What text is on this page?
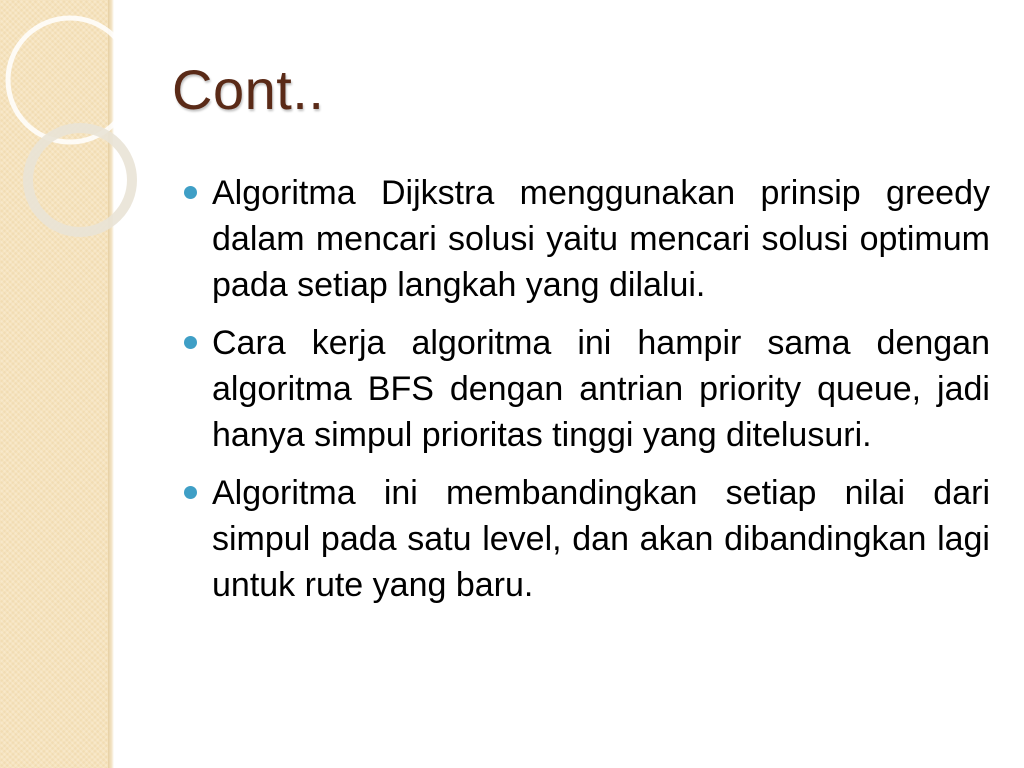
Cont..
Algoritma Dijkstra menggunakan prinsip greedy dalam mencari solusi yaitu mencari solusi optimum pada setiap langkah yang dilalui.
Cara kerja algoritma ini hampir sama dengan algoritma BFS dengan antrian priority queue, jadi hanya simpul prioritas tinggi yang ditelusuri.
Algoritma ini membandingkan setiap nilai dari simpul pada satu level, dan akan dibandingkan lagi untuk rute yang baru.
